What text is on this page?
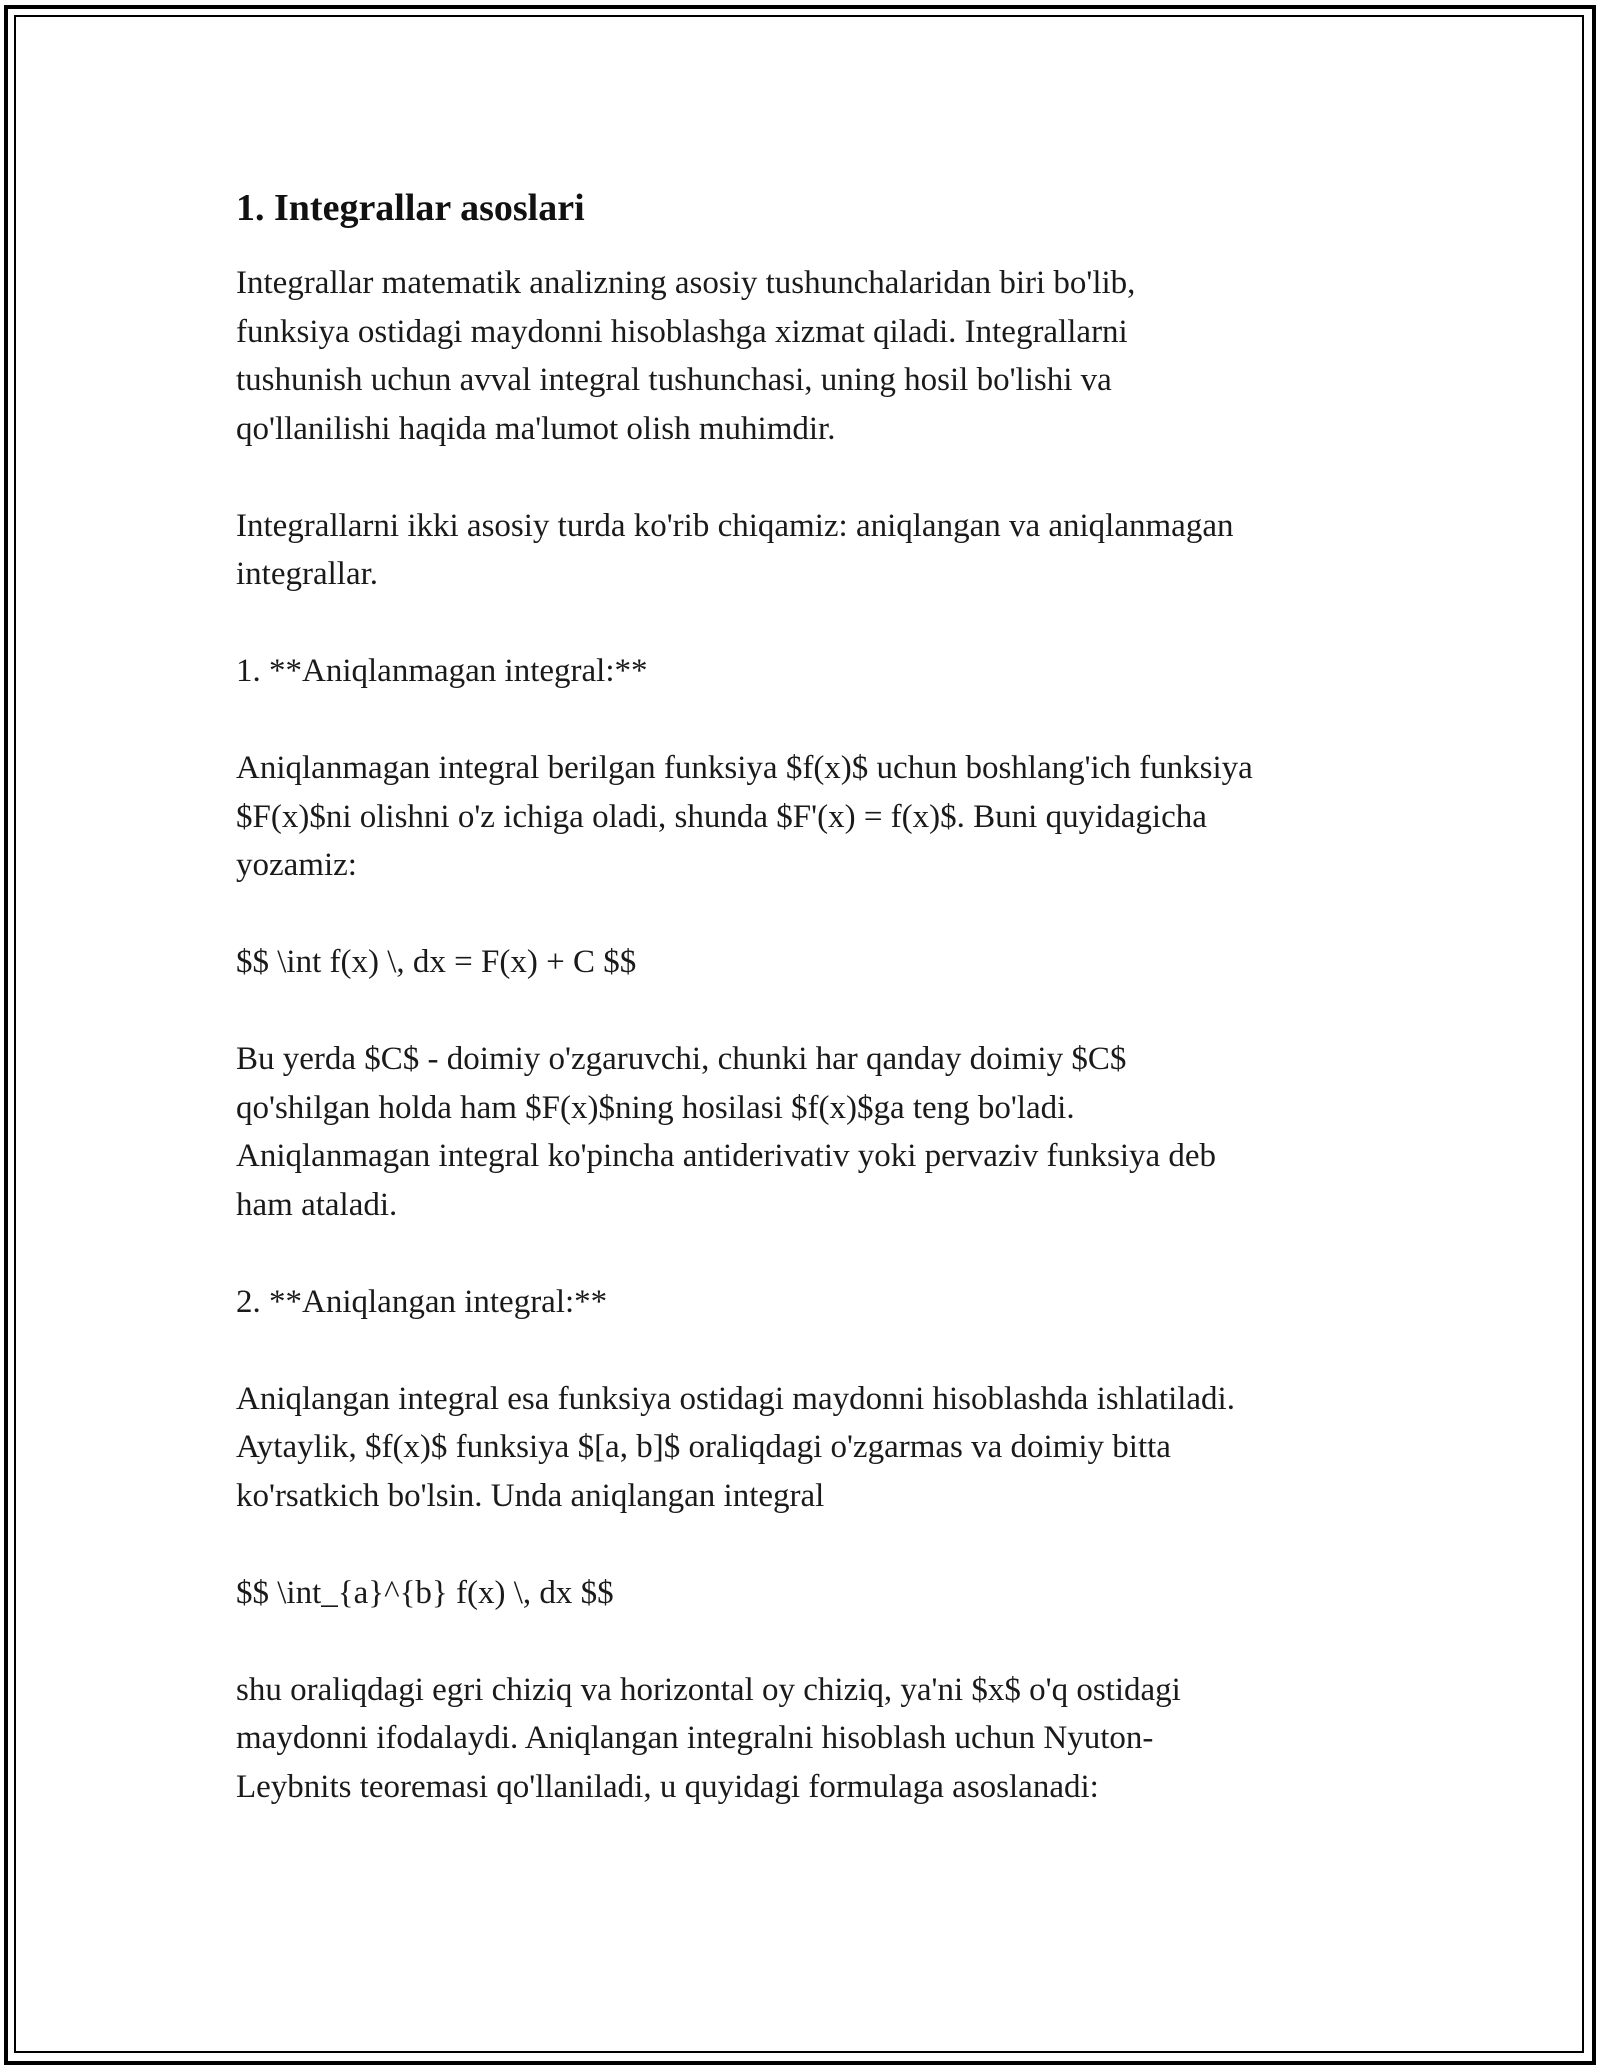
1. Integrallar asoslari

Integrallar matematik analizning asosiy tushunchalaridan biri bo'lib,
funksiya ostidagi maydonni hisoblashga xizmat qiladi. Integrallarni
tushunish uchun avval integral tushunchasi, uning hosil bo'lishi va
qo'llanilishi haqida ma'lumot olish muhimdir.

Integrallarni ikki asosiy turda ko'rib chiqamiz: aniqlangan va aniqlanmagan
integrallar.

1. **Aniqlanmagan integral:**

Aniqlanmagan integral berilgan funksiya $f(x)$ uchun boshlang'ich funksiya
$F(x)$ni olishni o'z ichiga oladi, shunda $F'(x) = f(x)$. Buni quyidagicha
yozamiz:

$$ \int f(x) \, dx = F(x) + C $$

Bu yerda $C$ - doimiy o'zgaruvchi, chunki har qanday doimiy $C$
qo'shilgan holda ham $F(x)$ning hosilasi $f(x)$ga teng bo'ladi.
Aniqlanmagan integral ko'pincha antiderivativ yoki pervaziv funksiya deb
ham ataladi.

2. **Aniqlangan integral:**

Aniqlangan integral esa funksiya ostidagi maydonni hisoblashda ishlatiladi.
Aytaylik, $f(x)$ funksiya $[a, b]$ oraliqdagi o'zgarmas va doimiy bitta
ko'rsatkich bo'lsin. Unda aniqlangan integral

$$ \int_{a}^{b} f(x) \, dx $$

shu oraliqdagi egri chiziq va horizontal oy chiziq, ya'ni $x$ o'q ostidagi
maydonni ifodalaydi. Aniqlangan integralni hisoblash uchun Nyuton-
Leybnits teoremasi qo'llaniladi, u quyidagi formulaga asoslanadi:
